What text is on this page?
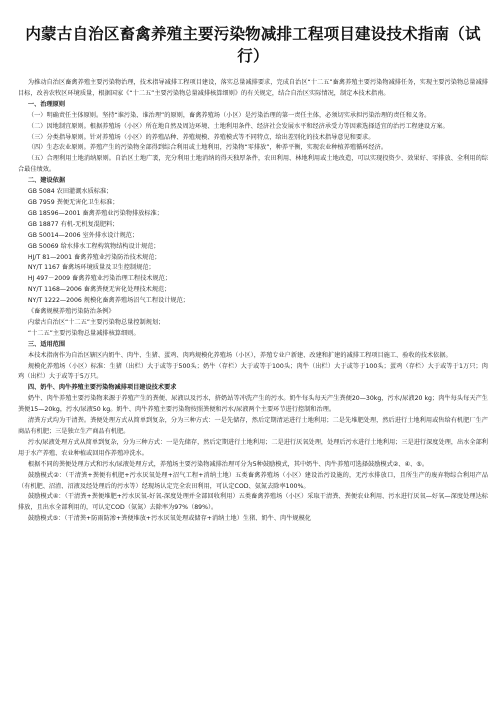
内蒙古自治区畜禽养殖主要污染物减排工程项目建设技术指南（试行）

为推动自治区畜禽养殖主要污染物治理，技术指导减排工程项目建设，落实总量减排要求，完成自治区“十二五”畜禽养殖主要污染物减排任务，实现主要污染物总量减排目标，改善农牧区环境质量，根据国家《“十二五”主要污染物总量减排核算细则》的有关规定，结合自治区实际情况，制定本技术指南。

一、治理原则

（一）明确责任主体原则。坚持“谁污染、谁治理”的原则，畜禽养殖场（小区）是污染治理的第一责任主体，必须切实承担污染治理的责任和义务。

（二）因地制宜原则。根据养殖场（小区）所在地自然及周边环境、土地利用条件、经济社会发展水平和经济承受力等因素选择适宜的治污工程建设方案。

（三）分类指导原则。针对养殖场（小区）的养殖品种、养殖规模、养殖模式等不同特点，给出差别化的技术指导意见和要求。

（四）生态农业原则。养殖产生的污染物全部得到综合利用或土地利用，污染物“零排放”，种养平衡，实现农业种植养殖循环经济。

（五）合理利用土地消纳原则。自治区土地广袤，充分利用土地消纳的得天独厚条件，农田利用、林地利用或土地改造，可以实现投资少、效果好、零排放、全利用的综合最佳绩效。

二、建设依据

GB 5084 农田灌溉水质标准；

GB 7959 粪便无害化卫生标准；

GB 18596—2001 畜禽养殖业污染物排放标准；

GB 18877 有机-无机复混肥料；

GB 50014—2006 室外排水设计规范；

GB 50069 给水排水工程构筑物结构设计规范；

HJ/T 81—2001 畜禽养殖业污染防治技术规范；

NY/T 1167 畜禽场环境质量及卫生控制规范；

HJ 497－2009 畜禽养殖业污染治理工程技术规范；

NY/T 1168—2006 畜禽粪便无害化处理技术规范；

NY/T 1222—2006 规模化畜禽养殖场沼气工程设计规范；

《畜禽规模养殖污染防治条例》

内蒙古自治区“十二五”主要污染物总量控制规划；

“十二五”主要污染物总量减排核算细则。

三、适用范围

本技术指南作为自治区辖区内奶牛、肉牛、生猪、蛋鸡、肉鸡规模化养殖场（小区），养殖专业户新建、改建和扩建的减排工程项目施工、验收的技术依据。

规模化养殖场（小区）标准：生猪（出栏）大于或等于500头；奶牛（存栏）大于或等于100头；肉牛（出栏）大于或等于100头；蛋鸡（存栏）大于或等于1万只；肉鸡（出栏）大于或等于5万只。

四、奶牛、肉牛养殖主要污染物减排项目建设技术要求

奶牛、肉牛养殖主要污染物来源于养殖产生的粪便、尿液以及污水，挤奶站等冲洗产生的污水。奶牛每头每天产生粪便20—30kg，污水/尿液20 kg；肉牛每头每天产生粪便15—20kg，污水/尿液50 kg。奶牛、肉牛养殖主要污染物按照粪便和污水/尿液两个主要环节进行控制和治理。

清粪方式均为干清粪。粪便处理方式从简单到复杂，分为三种方式：一是先储存，然后定期清运进行土地利用；二是先堆肥处理，然后进行土地利用或售给有机肥厂生产商品有机肥；三是独立生产商品有机肥。

污水/尿液处理方式从简单到复杂，分为三种方式：一是先储存，然后定期进行土地利用；二是进行厌氧处理，处理后污水进行土地利用；三是进行深度处理，出水全部利用于水产养殖、农业种植或回用作养殖冲洗水。

根据不同的粪便处理方式和污水/尿液处理方式，养殖场主要污染物减排治理可分为5种鼓励模式，其中奶牛、肉牛养殖可选择鼓励模式②、④、⑤。

鼓励模式②：（干清粪+粪便有机肥+污水厌氧处理+沼气工程+消纳土地）五类畜禽养殖场（小区）建设治污设施的，无污水排放口，且所生产的废弃物综合利用产品（有机肥、沼渣、沼液及经处理后的污水等）经现场认定完全农田利用，可认定COD、氨氮去除率100%。

鼓励模式④：（干清粪+粪便堆肥+污水厌氧-好氧-深度处理并全部回收利用）五类畜禽养殖场（小区）采取干清粪、粪便农业利用、污水进行厌氧—好氧—深度处理达标排放，且出水全部利用的，可认定COD（氨氮）去除率为97%（89%）。

鼓励模式⑤：（干清粪+防雨防渗+粪便堆放+污水厌氧处理或储存+消纳土地）生猪、奶牛、肉牛规模化
